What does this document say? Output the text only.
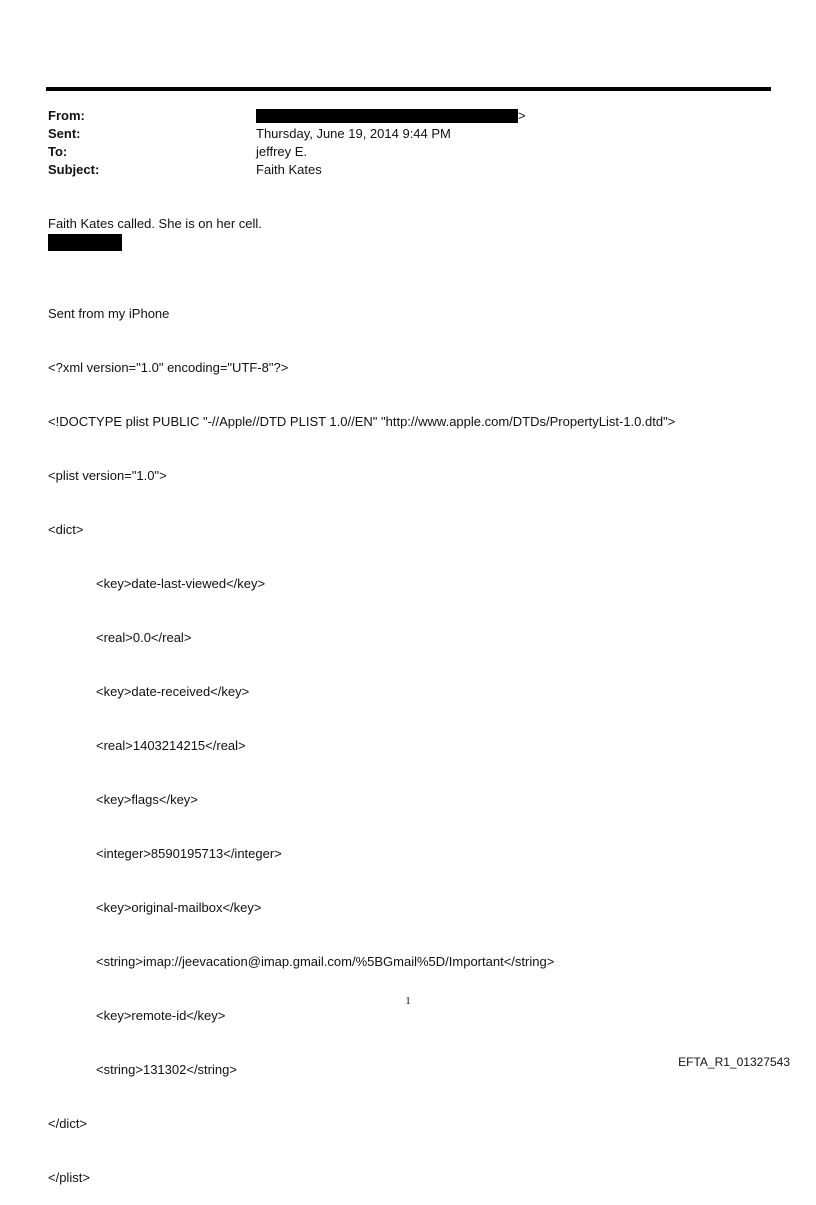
From:	>
Sent:	Thursday, June 19, 2014 9:44 PM
To:	jeffrey E.
Subject:	Faith Kates
Faith Kates called. She is on her cell.

Sent from my iPhone

<?xml version="1.0" encoding="UTF-8"?>

<!DOCTYPE plist PUBLIC "-//Apple//DTD PLIST 1.0//EN" "http://www.apple.com/DTDs/PropertyList-1.0.dtd">

<plist version="1.0">

<dict>

<key>date-last-viewed</key>

<real>0.0</real>

<key>date-received</key>

<real>1403214215</real>

<key>flags</key>

<integer>8590195713</integer>

<key>original-mailbox</key>

<string>imap://jeevacation@imap.gmail.com/%5BGmail%5D/Important</string>

<key>remote-id</key>

<string>131302</string>

</dict>

</plist>

1
EFTA_R1_01327543
